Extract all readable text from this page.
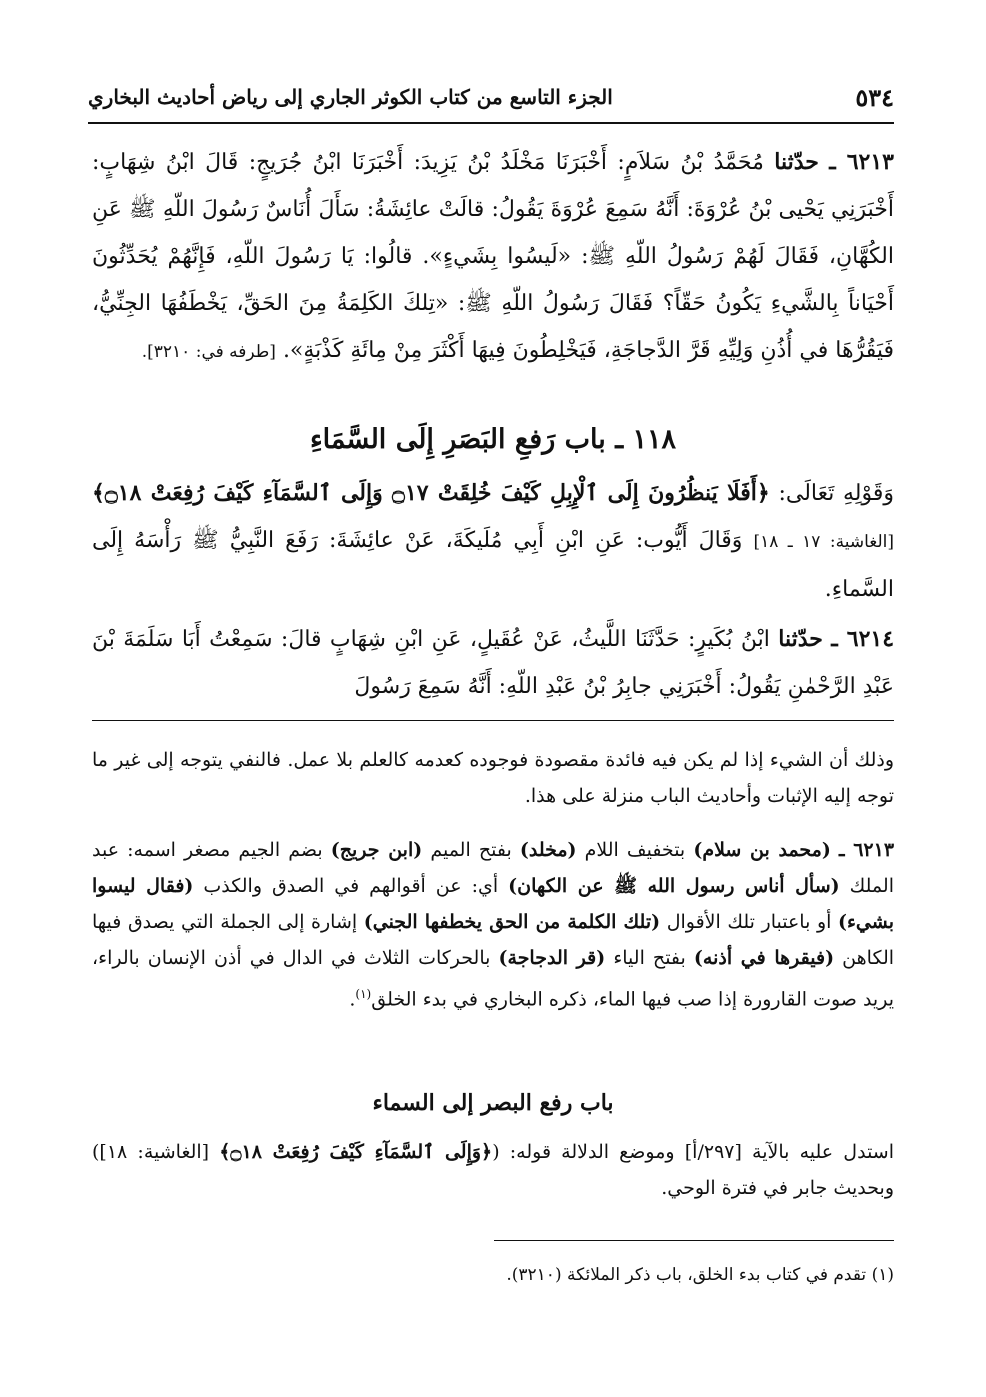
٥٣٤
الجزء التاسع من كتاب الكوثر الجاري إلى رياض أحاديث البخاري

٦٢١٣ ـ حدّثنا مُحَمَّدُ بْنُ سَلاَمٍ: أَخْبَرَنَا مَخْلَدُ بْنُ يَزِيدَ: أَخْبَرَنَا ابْنُ جُرَيجٍ: قَالَ ابْنُ شِهَابٍ: أَخْبَرَنِي يَحْيى بْنُ عُرْوَةَ: أَنَّهُ سَمِعَ عُرْوَةَ يَقُولُ: قالَتْ عائِشَةُ: سَأَلَ أُنَاسٌ رَسُولَ اللّهِ ﷺ عَنِ الكُهَّانِ، فَقَالَ لَهُمْ رَسُولُ اللّهِ ﷺ: «لَيسُوا بِشَيءٍ». قالُوا: يَا رَسُولَ اللّهِ، فَإِنَّهُمْ يُحَدِّثُونَ أَحْيَاناً بِالشَّيءِ يَكُونُ حَقّاً؟ فَقَالَ رَسُولُ اللّهِ ﷺ: «تِلكَ الكَلِمَةُ مِنَ الحَقِّ، يَخْطَفُهَا الجِنِّيُّ، فَيَقُرُّهَا في أُذُنِ وَلِيِّهِ قَرَّ الدَّجاجَةِ، فَيَخْلِطُونَ فِيهَا أَكْثَرَ مِنْ مِائَةِ كَذْبَةٍ». [طرفه في: ٣٢١٠].

١١٨ ـ باب رَفعِ البَصَرِ إِلَى السَّمَاءِ

وَقَوْلِهِ تَعَالَى: ﴿أَفَلَا يَنظُرُونَ إِلَى ٱلْإِبِلِ كَيْفَ خُلِقَتْ ۝١٧ وَإِلَى ٱلسَّمَآءِ كَيْفَ رُفِعَتْ ۝١٨﴾ [الغاشية: ١٧ ـ ١٨] وَقَالَ أَيُّوب: عَنِ ابْنِ أَبِي مُلَيكَةَ، عَنْ عائِشَةَ: رَفَعَ النَّبِيُّ ﷺ رَأْسَهُ إِلَى السَّماءِ.

٦٢١٤ ـ حدّثنا ابْنُ بُكَيرٍ: حَدَّثَنَا اللَّيثُ، عَنْ عُقَيلٍ، عَنِ ابْنِ شِهَابٍ قالَ: سَمِعْتُ أَبَا سَلَمَةَ بْنَ عَبْدِ الرَّحْمٰنِ يَقُولُ: أَخْبَرَنِي جابِرُ بْنُ عَبْدِ اللّهِ: أَنَّهُ سَمِعَ رَسُولَ

وذلك أن الشيء إذا لم يكن فيه فائدة مقصودة فوجوده كعدمه كالعلم بلا عمل. فالنفي يتوجه إلى غير ما توجه إليه الإثبات وأحاديث الباب منزلة على هذا.

٦٢١٣ ـ (محمد بن سلام) بتخفيف اللام (مخلد) بفتح الميم (ابن جريج) بضم الجيم مصغر اسمه: عبد الملك (سأل أناس رسول الله ﷺ عن الكهان) أي: عن أقوالهم في الصدق والكذب (فقال ليسوا بشيء) أو باعتبار تلك الأقوال (تلك الكلمة من الحق يخطفها الجني) إشارة إلى الجملة التي يصدق فيها الكاهن (فيقرها في أذنه) بفتح الياء (قر الدجاجة) بالحركات الثلاث في الدال في أذن الإنسان بالراء، يريد صوت القارورة إذا صب فيها الماء، ذكره البخاري في بدء الخلق$^{(١)}$.

باب رفع البصر إلى السماء

استدل عليه بالآية [٢٩٧/أ] وموضع الدلالة قوله: (﴿وَإِلَى ٱلسَّمَآءِ كَيْفَ رُفِعَتْ ۝١٨﴾ [الغاشية: ١٨]) وبحديث جابر في فترة الوحي.

(١) تقدم في كتاب بدء الخلق، باب ذكر الملائكة (٣٢١٠).
